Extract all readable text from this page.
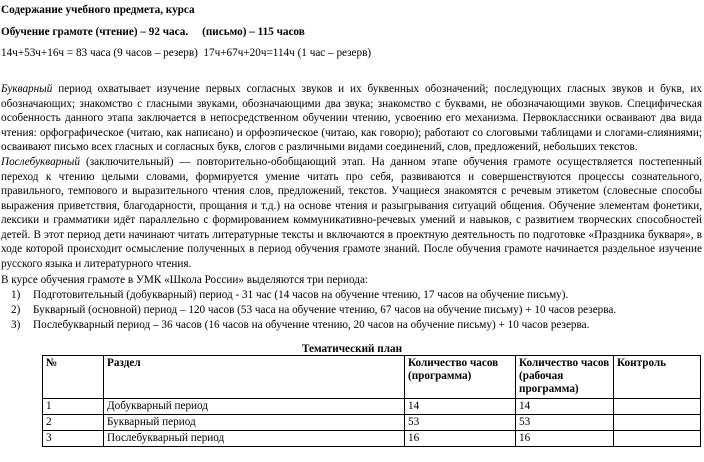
Содержание учебного предмета, курса
Обучение грамоте (чтение) – 92 часа. (письмо) – 115 часов
14ч+53ч+16ч = 83 часа (9 часов – резерв) 17ч+67ч+20ч=114ч (1 час – резерв)

Букварный период охватывает изучение первых согласных звуков и их буквенных обозначений; последующих гласных звуков и букв, их обозначающих; знакомство с гласными звуками, обозначающими два звука; знакомство с буквами, не обозначающими звуков. Специфическая особенность данного этапа заключается в непосредственном обучении чтению, усвоению его механизма. Первоклассники осваивают два вида чтения: орфографическое (читаю, как написано) и орфоэпическое (читаю, как говорю); работают со слоговыми таблицами и слогами-слияниями; осваивают письмо всех гласных и согласных букв, слогов с различными видами соединений, слов, предложений, небольших текстов.

Послебукварный (заключительный) — повторительно-обобщающий этап. На данном этапе обучения грамоте осуществляется постепенный переход к чтению целыми словами, формируется умение читать про себя, развиваются и совершенствуются процессы сознательного, правильного, темпового и выразительного чтения слов, предложений, текстов. Учащиеся знакомятся с речевым этикетом (словесные способы выражения приветствия, благодарности, прощания и т.д.) на основе чтения и разыгрывания ситуаций общения. Обучение элементам фонетики, лексики и грамматики идёт параллельно с формированием коммуникативно-речевых умений и навыков, с развитием творческих способностей детей. В этот период дети начинают читать литературные тексты и включаются в проектную деятельность по подготовке «Праздника букваря», в ходе которой происходит осмысление полученных в период обучения грамоте знаний. После обучения грамоте начинается раздельное изучение русского языка и литературного чтения.

В курсе обучения грамоте в УМК «Школа России» выделяются три периода:

1) Подготовительный (добукварный) период - 31 час (14 часов на обучение чтению, 17 часов на обучение письму).
2) Букварный (основной) период – 120 часов (53 часа на обучение чтению, 67 часов на обучение письму) + 10 часов резерва.
3) Послебукварный период – 36 часов (16 часов на обучение чтению, 20 часов на обучение письму) + 10 часов резерва.
Тематический план
№	Раздел	Количество часов (программа)	Количество часов (рабочая программа)	Контроль
1	Добукварный период	14	14	
2	Букварный период	53	53	
3	Послебукварный период	16	16	
